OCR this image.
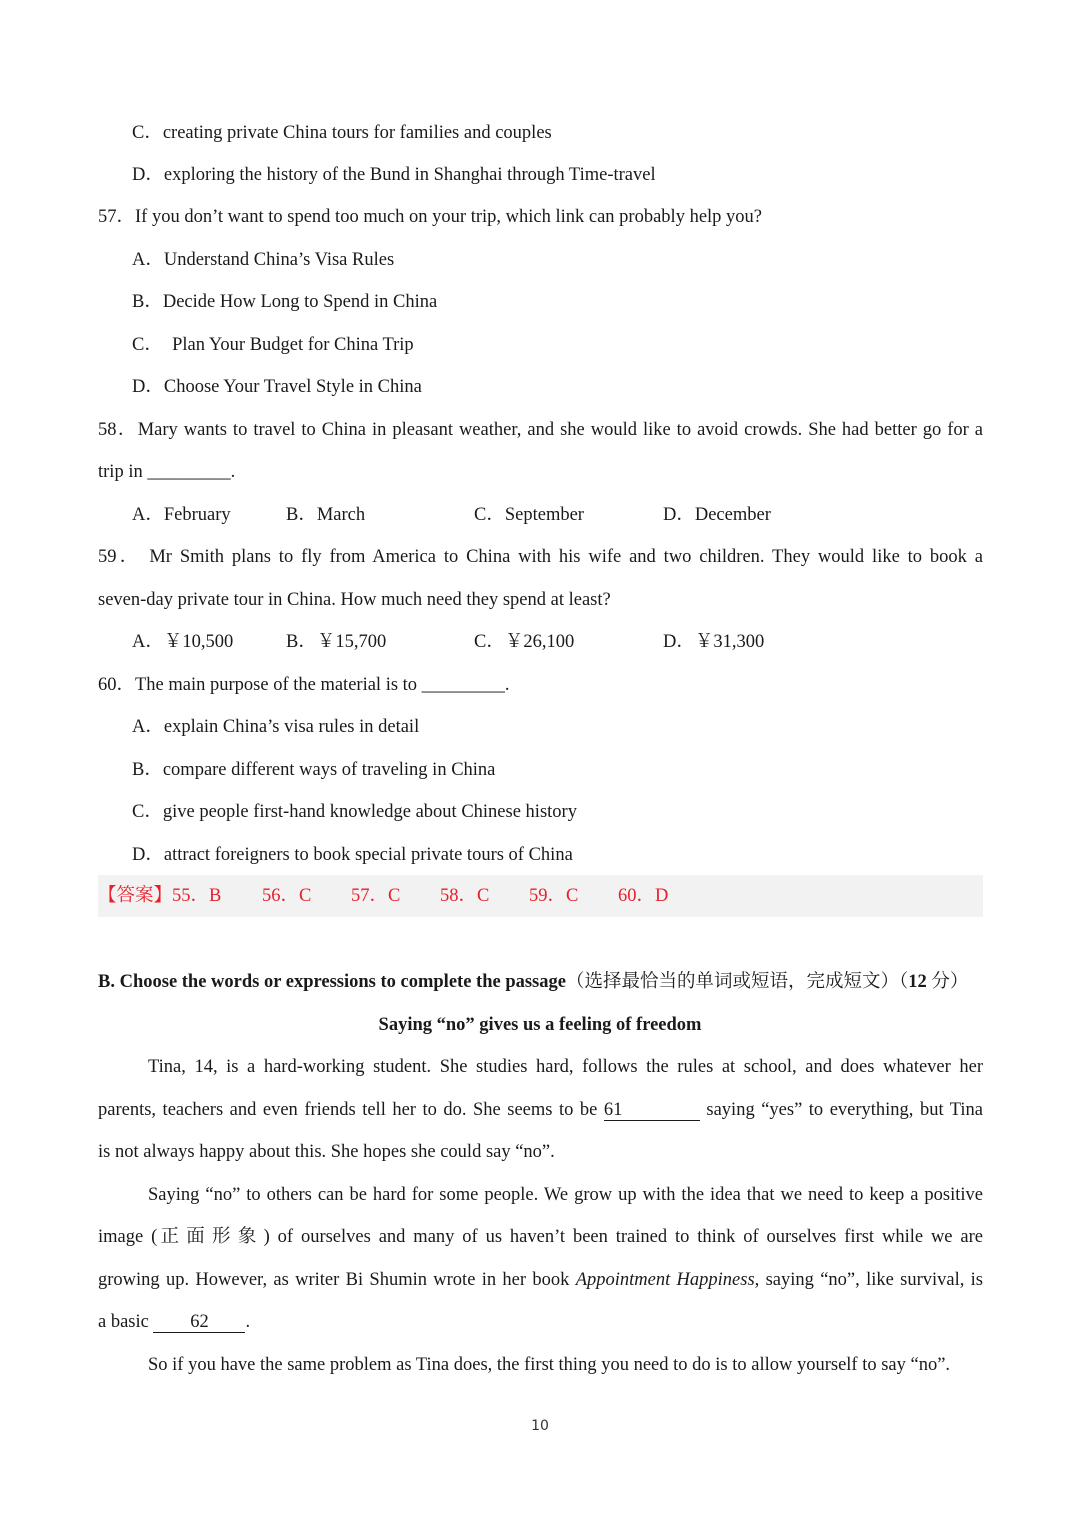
C．creating private China tours for families and couples
D．exploring the history of the Bund in Shanghai through Time-travel
57．If you don’t want to spend too much on your trip, which link can probably help you?
A．Understand China’s Visa Rules
B．Decide How Long to Spend in China
C．  Plan Your Budget for China Trip
D．Choose Your Travel Style in China
58．Mary wants to travel to China in pleasant weather, and she would like to avoid crowds. She had better go for a
trip in _________.
A．February	B．March	C．September	D．December
59． Mr Smith plans to fly from America to China with his wife and two children. They would like to book a
seven-day private tour in China. How much need they spend at least?
A．￥10,500	B．￥15,700	C．￥26,100	D．￥31,300
60．The main purpose of the material is to _________.
A．explain China’s visa rules in detail
B．compare different ways of traveling in China
C．give people first-hand knowledge about Chinese history
D．attract foreigners to book special private tours of China
【答案】55．B 56．C 57．C 58．C 59．C 60．D
B. Choose the words or expressions to complete the passage（选择最恰当的单词或短语，完成短文）（12 分）
Saying “no” gives us a feeling of freedom
Tina, 14, is a hard-working student. She studies hard, follows the rules at school, and does whatever her
parents, teachers and even friends tell her to do. She seems to be 61	saying “yes” to everything, but Tina
is not always happy about this. She hopes she could say “no”.
Saying “no” to others can be hard for some people. We grow up with the idea that we need to keep a positive
image (正面形象) of ourselves and many of us haven’t been trained to think of ourselves first while we are
growing up. However, as writer Bi Shumin wrote in her book Appointment Happiness, saying “no”, like survival, is
a basic 62 .
So if you have the same problem as Tina does, the first thing you need to do is to allow yourself to say “no”.
10
